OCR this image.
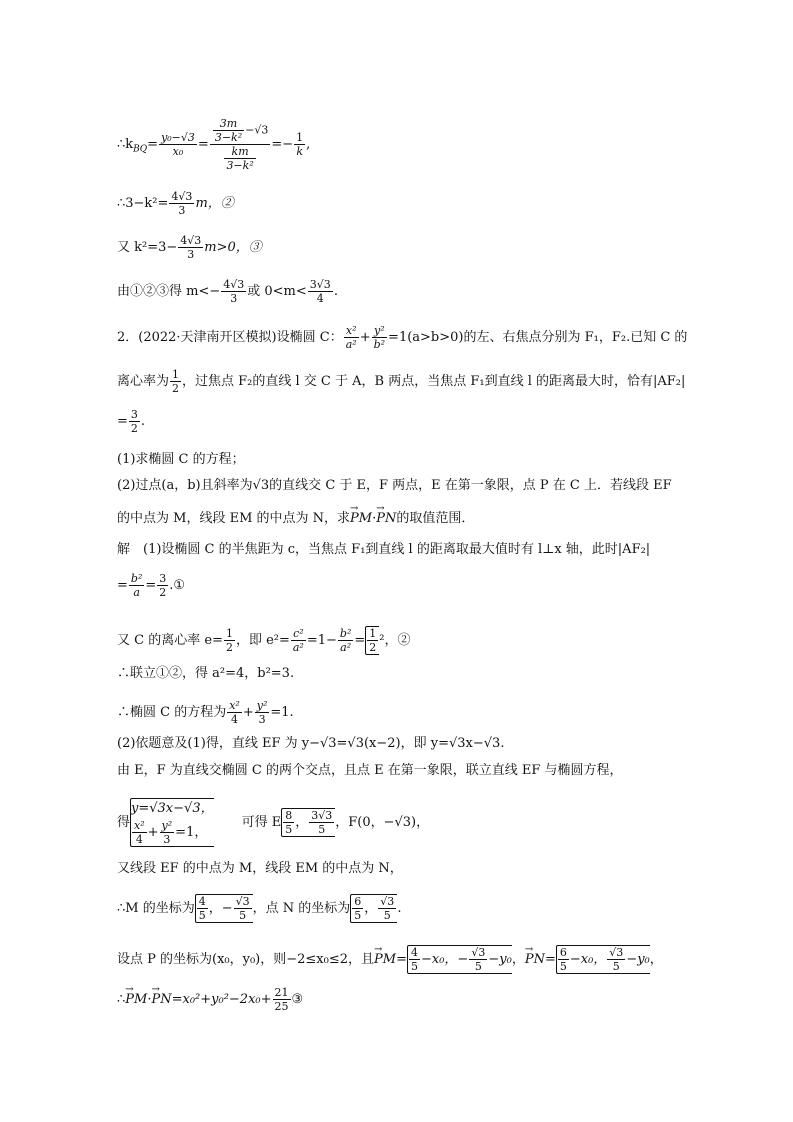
$\therefore k_{BQ}= \frac{\text{y₀−√3}}{\text{x₀}} = \frac{\frac{3m}{\text{3−k²}} -√3}{\frac{km}{\text{3−k²}}} =- \frac{1}{k}$ ,
∴3−k²= $\frac{4√3}{3}$ m，②
又 $k^2=3- \frac{4√3}{3} m>0$，③
由①②③得 $m<- \frac{4√3}{3}$ 或 $0<m< \frac{3√3}{4}$ .
2．(2022·天津南开区模拟)设椭圆 C： $\frac{\text{x²}}{\text{a²}} + \frac{\text{y²}}{\text{b²}} =1(a>b>0)$的左、右焦点分别为 F₁，F₂.已知 C 的
离心率为 $\frac{1}{2}$ ，过焦点 F₂的直线 l 交 C 于 A，B 两点，当焦点 F₁到直线 l 的距离最大时，恰有|AF₂|
= $\frac{3}{2}$ .
(1)求椭圆 C 的方程；
(2)过点(a，b)且斜率为√3的直线交 C 于 E，F 两点，E 在第一象限，点 P 在 C 上．若线段 EF
的中点为 M，线段 EM 的中点为 N，求→ PM·→ PN的取值范围．
解　(1)设椭圆 C 的半焦距为 c，当焦点 F₁到直线 l 的距离取最大值时有 l⊥x 轴，此时|AF₂|
= $\frac{\text{b²}}{a} = \frac{3}{2}$ .①
又 C 的离心率 $e= \frac{1}{2}$ ，即 $e^2= \frac{\text{c²}}{\text{a²}} =1- \frac{\text{b²}}{\text{a²}} = \frac{1}{2} ^2$，②
∴联立①②，得 a²=4，b²=3.
∴椭圆 C 的方程为 $\frac{\text{x²}}{4} + \frac{\text{y²}}{3} =1$.
(2)依题意及(1)得，直线 EF 为 y−√3=√3(x−2)，即 y=√3x−√3.
由 E，F 为直线交椭圆 C 的两个交点，且点 E 在第一象限，联立直线 EF 与椭圆方程，
得
y=√3x−√3，
$\frac{\text{x²}}{4} + \frac{\text{y²}}{3} =1$，
可得 E $\frac{8}{5}$ ， $\frac{3√3}{5}$ ，F(0，−√3)，
又线段 EF 的中点为 M，线段 EM 的中点为 N，
∴M 的坐标为 $\frac{4}{5}$ ，− $\frac{√3}{5}$ ，点 N 的坐标为 $\frac{6}{5}$ ， $\frac{√3}{5}$ .
设点 P 的坐标为(x₀，y₀)，则−2≤x₀≤2，且→ $PM= \frac{4}{5} -x_0$，− $\frac{√3}{5} -y_0$，→ $PN= \frac{6}{5} -x_0$， $\frac{√3}{5} -y_0$，
∴→ $PM\cdot\to PN=x_0^2+y_0^2-2x_0+ \frac{21}{25}$ ③
